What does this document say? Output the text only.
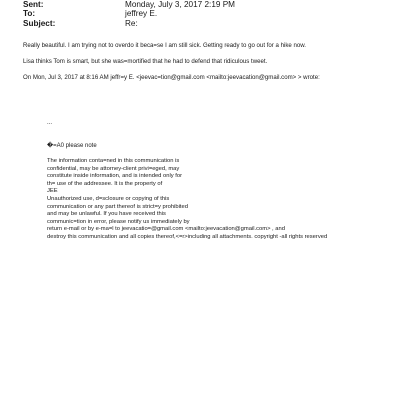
Sent:	Monday, July 3, 2017 2:19 PM
To:	jeffrey E.
Subject:	Re:
Really beautiful. I am trying not to overdo it beca=se I am still sick. Getting ready to go out for a hike now.
Lisa thinks Tom is smart, but she was=mortified that he had to defend that ridiculous tweet.
On Mon, Jul 3, 2017 at 8:16 AM jeffr=y E. <jeevac=tion@gmail.com <mailto:jeevacation@gmail.com> > wrote:
...
�=A0 please note
The information conta=ned in this communication is
confidential, may be attorney-client privi=eged, may
constitute inside information, and is intended only for
th= use of the addressee. It is the property of
JEE
Unauthorized use, d=sclosure or copying of this
communication or any part thereof is strict=y prohibited
and may be unlawful. If you have received this
communic=tion in error, please notify us immediately by
return e-mail or by e-ma=l to jeevacatio=@gmail.com <mailto:jeevacation@gmail.com> , and
destroy this communication and all copies thereof,<=r>including all attachments. copyright -all rights reserved
